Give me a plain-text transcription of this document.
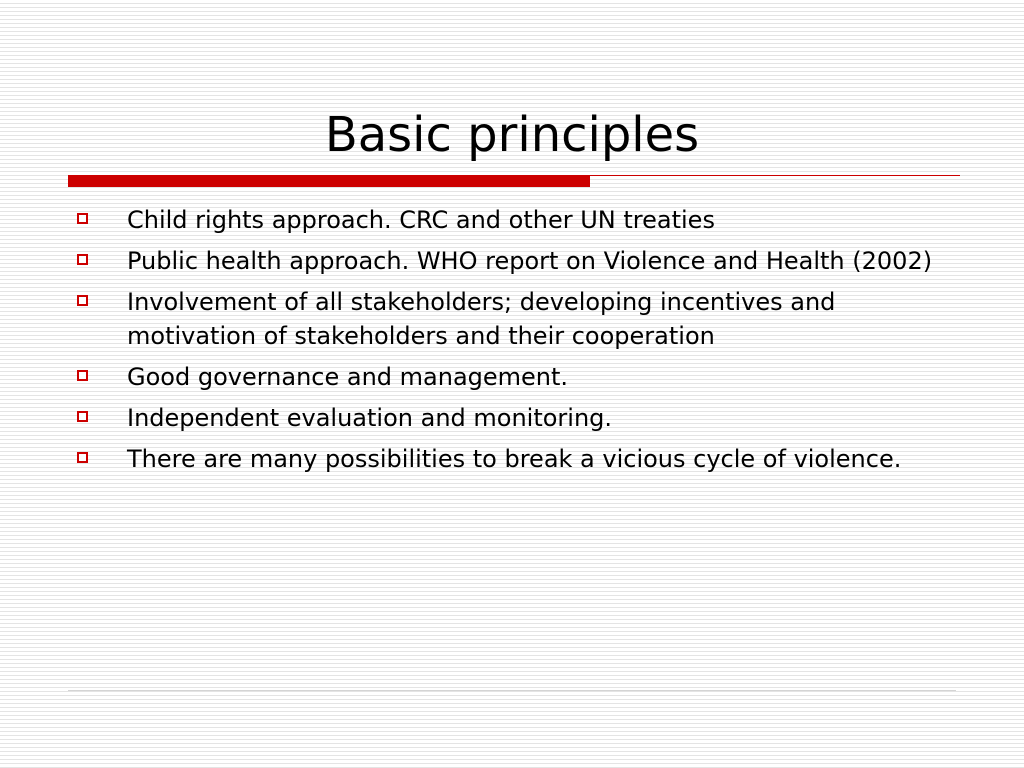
Basic principles
Child rights approach. CRC and other UN treaties
Public health approach. WHO report on Violence and Health (2002)
Involvement of all stakeholders; developing incentives and motivation of stakeholders and their cooperation
Good governance and management.
Independent evaluation and monitoring.
There are many possibilities to break a vicious cycle of violence.
